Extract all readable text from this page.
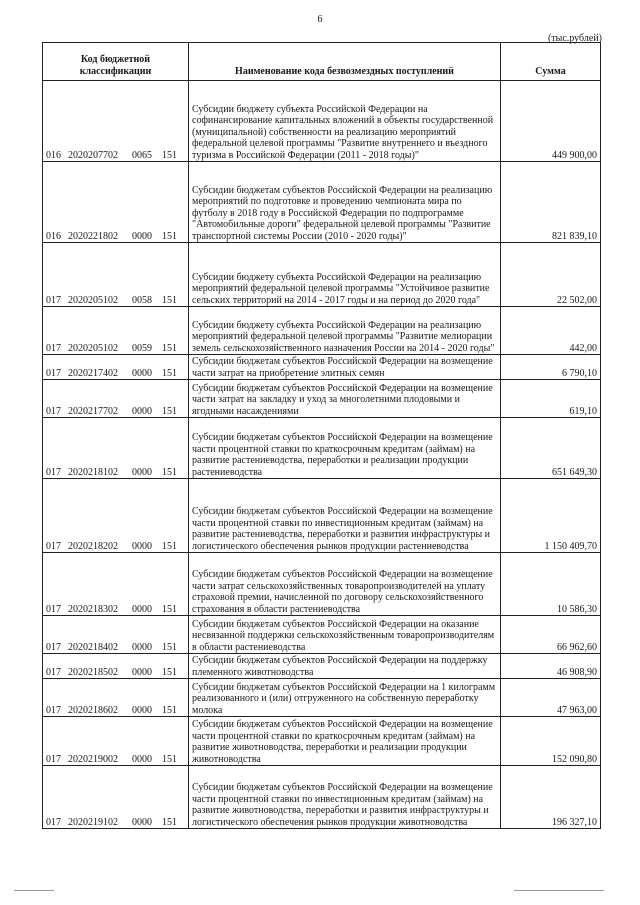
6
(тыс.рублей)
Код бюджетной классификации	Наименование кода безвозмездных поступлений	Сумма
016 2020207702 0065 151	Субсидии бюджету субъекта Российской Федерации на софинансирование капитальных вложений в объекты государственной (муниципальной) собственности на реализацию мероприятий федеральной целевой программы "Развитие внутреннего и въездного туризма в Российской Федерации (2011 - 2018 годы)"	449 900,00
016 2020221802 0000 151	Субсидии бюджетам субъектов Российской Федерации на реализацию мероприятий по подготовке и проведению чемпионата мира по футболу в 2018 году в Российской Федерации по подпрограмме "Автомобильные дороги" федеральной целевой программы "Развитие транспортной системы России (2010 - 2020 годы)"	821 839,10
017 2020205102 0058 151	Субсидии бюджету субъекта Российской Федерации на реализацию мероприятий федеральной целевой программы "Устойчивое развитие сельских территорий на 2014 - 2017 годы и на период до 2020 года"	22 502,00
017 2020205102 0059 151	Субсидии бюджету субъекта Российской Федерации на реализацию мероприятий федеральной целевой программы "Развитие мелиорации земель сельскохозяйственного назначения России на 2014 - 2020 годы"	442,00
017 2020217402 0000 151	Субсидии бюджетам субъектов Российской Федерации на возмещение части затрат на приобретение элитных семян	6 790,10
017 2020217702 0000 151	Субсидии бюджетам субъектов Российской Федерации на возмещение части затрат на закладку и уход за многолетними плодовыми и ягодными насаждениями	619,10
017 2020218102 0000 151	Субсидии бюджетам субъектов Российской Федерации на возмещение части процентной ставки по краткосрочным кредитам (займам) на развитие растениеводства, переработки и реализации продукции растениеводства	651 649,30
017 2020218202 0000 151	Субсидии бюджетам субъектов Российской Федерации на возмещение части процентной ставки по инвестиционным кредитам (займам) на развитие растениеводства, переработки и развития инфраструктуры и логистического обеспечения рынков продукции растениеводства	1 150 409,70
017 2020218302 0000 151	Субсидии бюджетам субъектов Российской Федерации на возмещение части затрат сельскохозяйственных товаропроизводителей на уплату страховой премии, начисленной по договору сельскохозяйственного страхования в области растениеводства	10 586,30
017 2020218402 0000 151	Субсидии бюджетам субъектов Российской Федерации на оказание несвязанной поддержки сельскохозяйственным товаропроизводителям в области растениеводства	66 962,60
017 2020218502 0000 151	Субсидии бюджетам субъектов Российской Федерации на поддержку племенного животноводства	46 908,90
017 2020218602 0000 151	Субсидии бюджетам субъектов Российской Федерации на 1 килограмм реализованного и (или) отгруженного на собственную переработку молока	47 963,00
017 2020219002 0000 151	Субсидии бюджетам субъектов Российской Федерации на возмещение части процентной ставки по краткосрочным кредитам (займам) на развитие животноводства, переработки и реализации продукции животноводства	152 090,80
017 2020219102 0000 151	Субсидии бюджетам субъектов Российской Федерации на возмещение части процентной ставки по инвестиционным кредитам (займам) на развитие животноводства, переработки и развития инфраструктуры и логистического обеспечения рынков продукции животноводства	196 327,10
